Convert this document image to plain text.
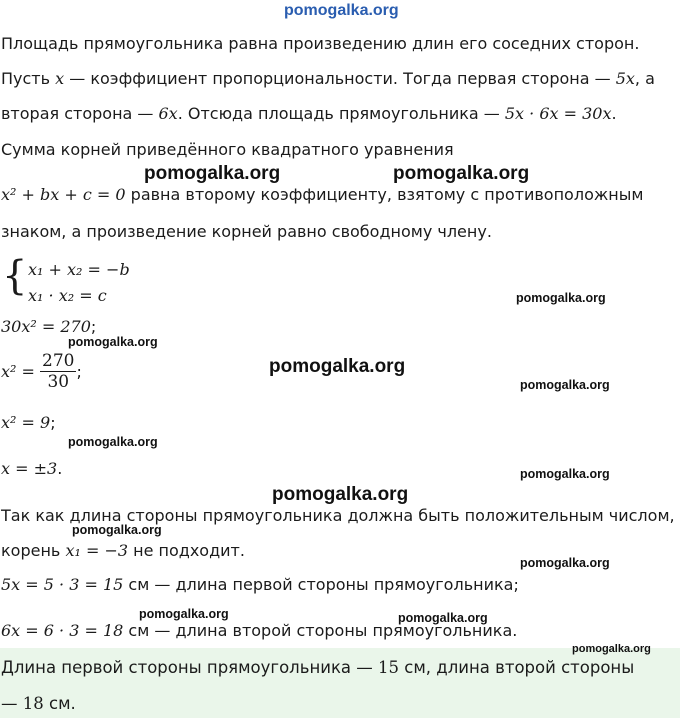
pomogalka.org
Площадь прямоугольника равна произведению длин его соседних сторон.
Пусть x — коэффициент пропорциональности. Тогда первая сторона — 5x, а
вторая сторона — 6x. Отсюда площадь прямоугольника — 5x · 6x = 30x.
Сумма корней приведённого квадратного уравнения
x² + bx + c = 0 равна второму коэффициенту, взятому с противоположным
знаком, а произведение корней равно свободному члену.
{ x₁ + x₂ = −b
x₁ · x₂ = c
30x² = 270;
$x^2 = \frac{270}{30}$ ;
x² = 9;
x = ±3.
Так как длина стороны прямоугольника должна быть положительным числом,
корень x₁ = −3 не подходит.
5x = 5 · 3 = 15 см — длина первой стороны прямоугольника;
6x = 6 · 3 = 18 см — длина второй стороны прямоугольника.
Длина первой стороны прямоугольника — 15 см, длина второй стороны
— 18 см.
pomogalka.org	pomogalka.org
pomogalka.org
pomogalka.org
pomogalka.org
pomogalka.org
pomogalka.org
pomogalka.org
pomogalka.org
pomogalka.org
pomogalka.org
pomogalka.org	pomogalka.org
pomogalka.org
